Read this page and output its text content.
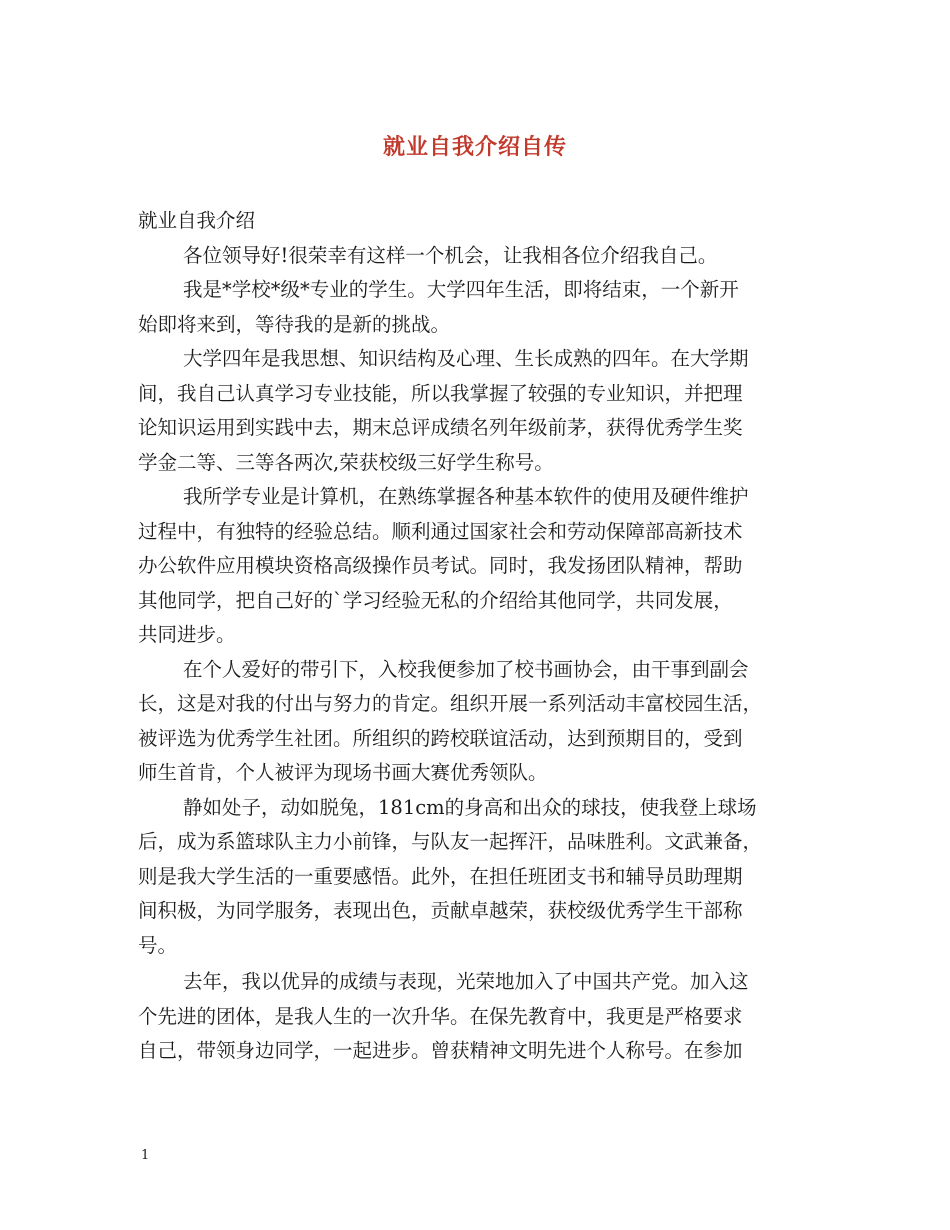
就业自我介绍自传
就业自我介绍
各位领导好!很荣幸有这样一个机会，让我相各位介绍我自己。
我是*学校*级*专业的学生。大学四年生活，即将结束，一个新开
始即将来到，等待我的是新的挑战。
大学四年是我思想、知识结构及心理、生长成熟的四年。在大学期
间，我自己认真学习专业技能，所以我掌握了较强的专业知识，并把理
论知识运用到实践中去，期末总评成绩名列年级前茅，获得优秀学生奖
学金二等、三等各两次,荣获校级三好学生称号。
我所学专业是计算机，在熟练掌握各种基本软件的使用及硬件维护
过程中，有独特的经验总结。顺利通过国家社会和劳动保障部高新技术
办公软件应用模块资格高级操作员考试。同时，我发扬团队精神，帮助
其他同学，把自己好的`学习经验无私的介绍给其他同学，共同发展，
共同进步。
在个人爱好的带引下，入校我便参加了校书画协会，由干事到副会
长，这是对我的付出与努力的肯定。组织开展一系列活动丰富校园生活，
被评选为优秀学生社团。所组织的跨校联谊活动，达到预期目的，受到
师生首肯，个人被评为现场书画大赛优秀领队。
静如处子，动如脱兔，181cm的身高和出众的球技，使我登上球场
后，成为系篮球队主力小前锋，与队友一起挥汗，品味胜利。文武兼备，
则是我大学生活的一重要感悟。此外，在担任班团支书和辅导员助理期
间积极，为同学服务，表现出色，贡献卓越荣，获校级优秀学生干部称
号。
去年，我以优异的成绩与表现，光荣地加入了中国共产党。加入这
个先进的团体，是我人生的一次升华。在保先教育中，我更是严格要求
自己，带领身边同学，一起进步。曾获精神文明先进个人称号。在参加
1
